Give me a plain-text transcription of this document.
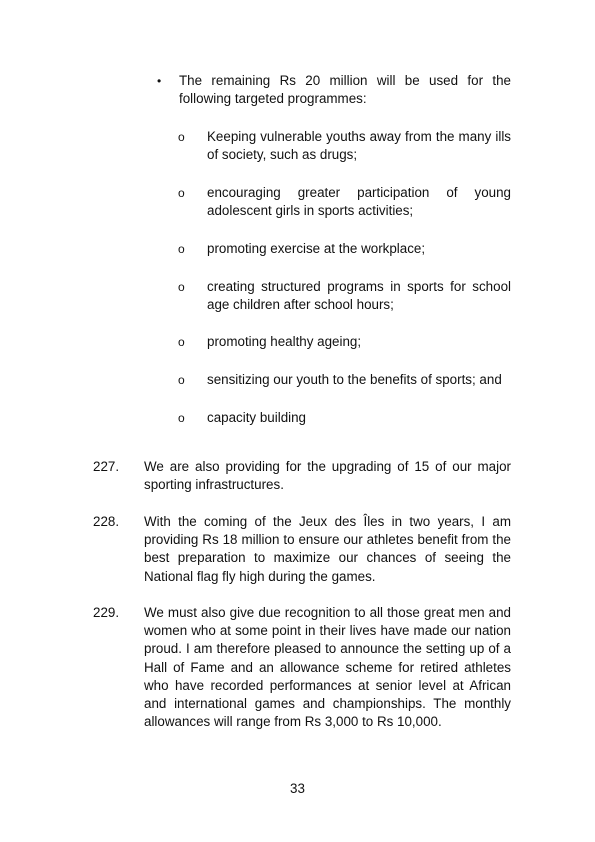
• The remaining Rs 20 million will be used for the following targeted programmes:
o Keeping vulnerable youths away from the many ills of society, such as drugs;
o encouraging greater participation of young adolescent girls in sports activities;
o promoting exercise at the workplace;
o creating structured programs in sports for school age children after school hours;
o promoting healthy ageing;
o sensitizing our youth to the benefits of sports; and
o capacity building
227. We are also providing for the upgrading of 15 of our major sporting infrastructures.
228. With the coming of the Jeux des Îles in two years, I am providing Rs 18 million to ensure our athletes benefit from the best preparation to maximize our chances of seeing the National flag fly high during the games.
229. We must also give due recognition to all those great men and women who at some point in their lives have made our nation proud. I am therefore pleased to announce the setting up of a Hall of Fame and an allowance scheme for retired athletes who have recorded performances at senior level at African and international games and championships. The monthly allowances will range from Rs 3,000 to Rs 10,000.
33
